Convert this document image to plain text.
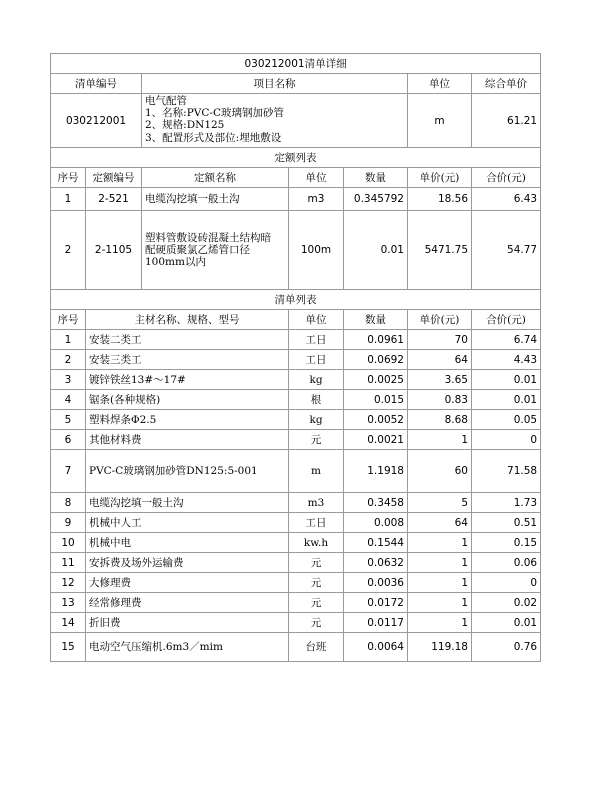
030212001清单详细						
清单编号		项目名称			单位	综合单价
030212001		电气配管
1、名称:PVC-C玻璃钢加砂管
2、规格:DN125
3、配置形式及部位:埋地敷设			m	61.21
定额列表						
序号	定额编号	定额名称	单位	数量	单价(元)	合价(元)
1	2-521	电缆沟挖填一般土沟	m3	0.345792	18.56	6.43
2	2-1105	塑料管敷设砖混凝土结构暗
配硬质聚氯乙烯管口径
100mm以内	100m	0.01	5471.75	54.77
清单列表						
序号	主材名称、规格、型号		单位	数量	单价(元)	合价(元)
1	安装二类工		工日	0.0961	70	6.74
2	安装三类工		工日	0.0692	64	4.43
3	镀锌铁丝13#～17#		kg	0.0025	3.65	0.01
4	锯条(各种规格)		根	0.015	0.83	0.01
5	塑料焊条Φ2.5		kg	0.0052	8.68	0.05
6	其他材料费		元	0.0021	1	0
7	PVC-C玻璃钢加砂管DN125:5-001		m	1.1918	60	71.58
8	电缆沟挖填一般土沟		m3	0.3458	5	1.73
9	机械中人工		工日	0.008	64	0.51
10	机械中电		kw.h	0.1544	1	0.15
11	安拆费及场外运输费		元	0.0632	1	0.06
12	大修理费		元	0.0036	1	0
13	经常修理费		元	0.0172	1	0.02
14	折旧费		元	0.0117	1	0.01
15	电动空气压缩机.6m3／mim		台班	0.0064	119.18	0.76
